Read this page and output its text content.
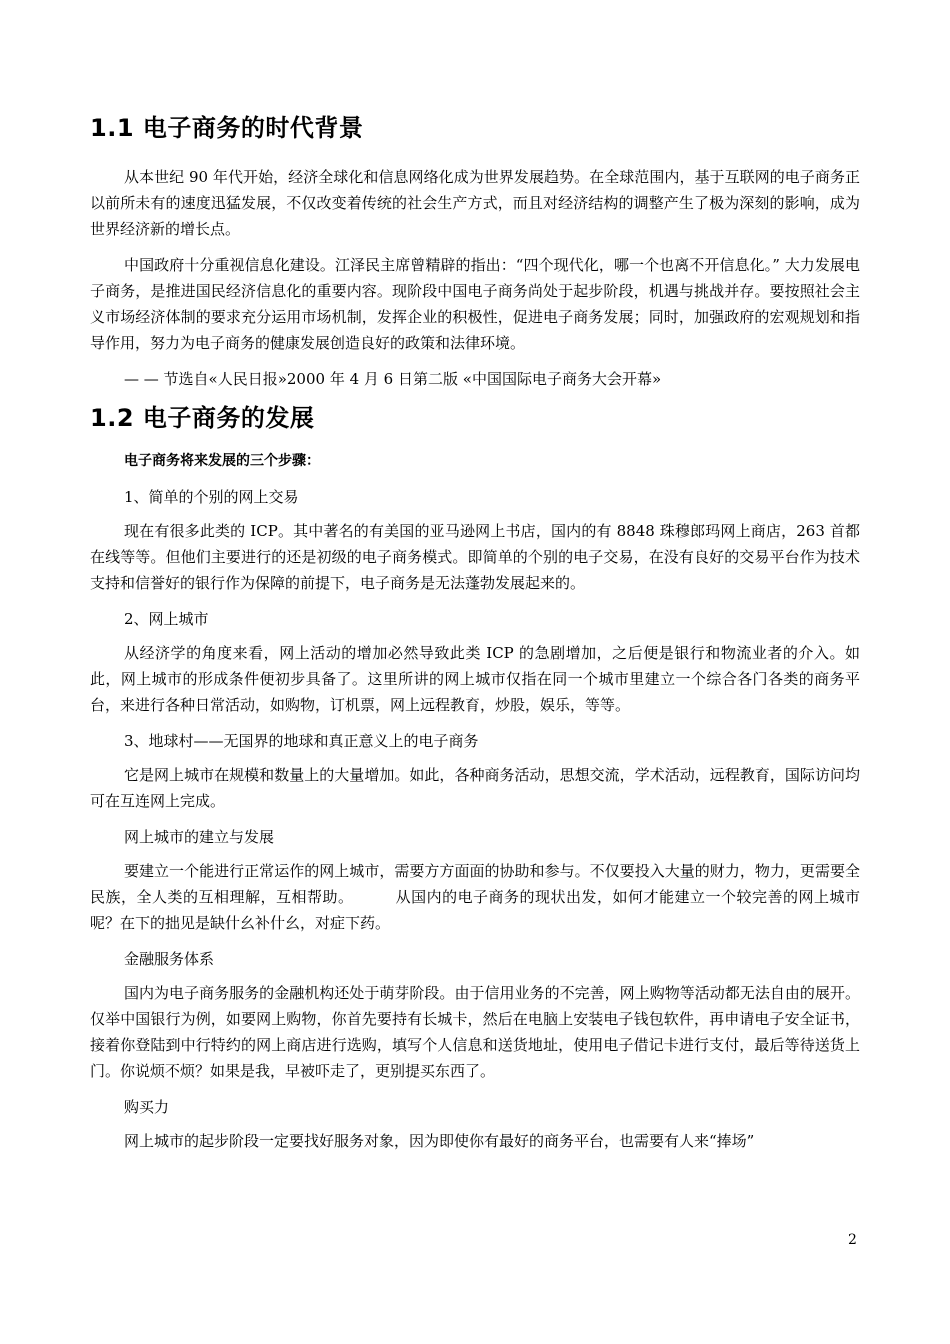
1.1 电子商务的时代背景

从本世纪 90 年代开始，经济全球化和信息网络化成为世界发展趋势。在全球范围内，基于互联网的电子商务正以前所未有的速度迅猛发展，不仅改变着传统的社会生产方式，而且对经济结构的调整产生了极为深刻的影响，成为世界经济新的增长点。

中国政府十分重视信息化建设。江泽民主席曾精辟的指出：“四个现代化，哪一个也离不开信息化。” 大力发展电子商务，是推进国民经济信息化的重要内容。现阶段中国电子商务尚处于起步阶段，机遇与挑战并存。要按照社会主义市场经济体制的要求充分运用市场机制，发挥企业的积极性，促进电子商务发展；同时，加强政府的宏观规划和指导作用，努力为电子商务的健康发展创造良好的政策和法律环境。

— — 节选自«人民日报»2000 年 4 月 6 日第二版 «中国国际电子商务大会开幕»

1.2 电子商务的发展

电子商务将来发展的三个步骤：

1、简单的个别的网上交易

现在有很多此类的 ICP。其中著名的有美国的亚马逊网上书店，国内的有 8848 珠穆郎玛网上商店，263 首都在线等等。但他们主要进行的还是初级的电子商务模式。即简单的个别的电子交易，在没有良好的交易平台作为技术支持和信誉好的银行作为保障的前提下，电子商务是无法蓬勃发展起来的。

2、网上城市

从经济学的角度来看，网上活动的增加必然导致此类 ICP 的急剧增加，之后便是银行和物流业者的介入。如此，网上城市的形成条件便初步具备了。这里所讲的网上城市仅指在同一个城市里建立一个综合各门各类的商务平台，来进行各种日常活动，如购物，订机票，网上远程教育，炒股，娱乐，等等。

3、地球村——无国界的地球和真正意义上的电子商务

它是网上城市在规模和数量上的大量增加。如此，各种商务活动，思想交流，学术活动，远程教育，国际访问均可在互连网上完成。

网上城市的建立与发展

要建立一个能进行正常运作的网上城市，需要方方面面的协助和参与。不仅要投入大量的财力，物力，更需要全民族，全人类的互相理解，互相帮助。        从国内的电子商务的现状出发，如何才能建立一个较完善的网上城市呢？在下的拙见是缺什幺补什幺，对症下药。

金融服务体系

国内为电子商务服务的金融机构还处于萌芽阶段。由于信用业务的不完善，网上购物等活动都无法自由的展开。仅举中国银行为例，如要网上购物，你首先要持有长城卡，然后在电脑上安装电子钱包软件，再申请电子安全证书，接着你登陆到中行特约的网上商店进行选购，填写个人信息和送货地址，使用电子借记卡进行支付，最后等待送货上门。你说烦不烦？如果是我，早被吓走了，更别提买东西了。

购买力

网上城市的起步阶段一定要找好服务对象，因为即使你有最好的商务平台，也需要有人来“捧场”

2
